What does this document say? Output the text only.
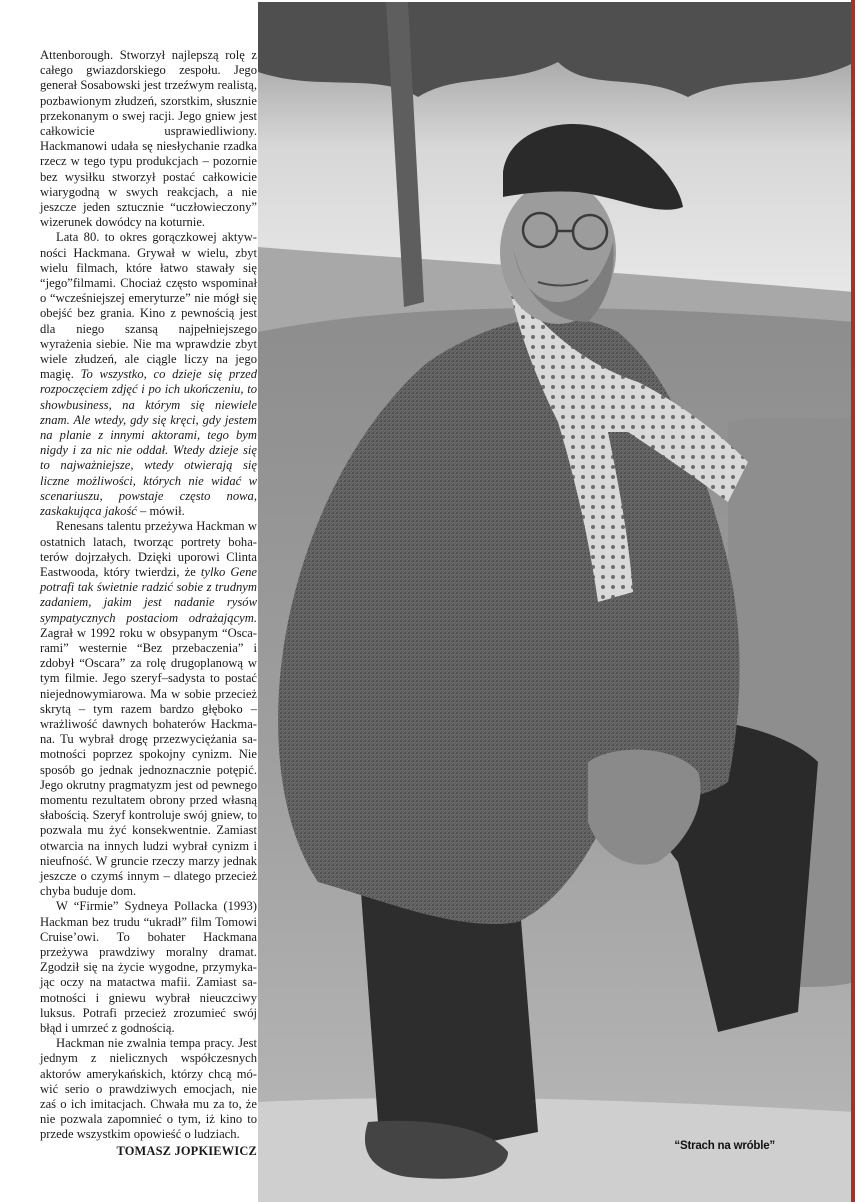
Attenborough. Stworzył najlepszą rolę z całego gwiazdorskiego zespołu. Jego generał Sosabowski jest trzeźwym realistą, pozbawionym złudzeń, szorstkim, słusznie przekonanym o swej racji. Jego gniew jest całkowicie usprawiedliwiony. Hackmanowi udała sę niesłychanie rzadka rzecz w tego typu produkcjach – pozornie bez wysiłku stworzył postać całkowicie wiarygodną w swych reakcjach, a nie jeszcze jeden sztucznie “uczłowieczony” wizerunek dowódcy na koturnie.

Lata 80. to okres gorączkowej aktywności Hackmana. Grywał w wielu, zbyt wielu filmach, które łatwo stawały się “jego”filmami. Chociaż często wspominał o “wcześniejszej emeryturze” nie mógł się obejść bez grania. Kino z pewnością jest dla niego szansą najpełniejszego wyrażenia siebie. Nie ma wprawdzie zbyt wiele złudzeń, ale ciągle liczy na jego magię. To wszystko, co dzieje się przed rozpoczęciem zdjęć i po ich ukończeniu, to showbusiness, na którym się niewiele znam. Ale wtedy, gdy się kręci, gdy jestem na planie z innymi aktorami, tego bym nigdy i za nic nie oddał. Wtedy dzieje się to najważniejsze, wtedy otwierają się liczne możliwości, których nie widać w scenariuszu, powstaje często nowa, zaskakująca jakość – mówił.

Renesans talentu przeżywa Hackman w ostatnich latach, tworząc portrety bohaterów dojrzałych. Dzięki uporowi Clinta Eastwooda, który twierdzi, że tylko Gene potrafi tak świetnie radzić sobie z trudnym zadaniem, jakim jest nadanie rysów sympatycznych postaciom odrażającym. Zagrał w 1992 roku w obsypanym “Oscarami” westernie “Bez przebaczenia” i zdobył “Oscara” za rolę drugoplanową w tym filmie. Jego szeryf–sadysta to postać niejednowymiarowa. Ma w sobie przecież skrytą – tym razem bardzo głęboko – wrażliwość dawnych bohaterów Hackmana. Tu wybrał drogę przezwyciężania samotności poprzez spokojny cynizm. Nie sposób go jednak jednoznacznie potępić. Jego okrutny pragmatyzm jest od pewnego momentu rezultatem obrony przed własną słabością. Szeryf kontroluje swój gniew, to pozwala mu żyć konsekwentnie. Zamiast otwarcia na innych ludzi wybrał cynizm i nieufność. W gruncie rzeczy marzy jednak jeszcze o czymś innym – dlatego przecież chyba buduje dom.

W “Firmie” Sydneya Pollacka (1993) Hackman bez trudu “ukradł” film Tomowi Cruise’owi. To bohater Hackmana przeżywa prawdziwy moralny dramat. Zgodził się na życie wygodne, przymykając oczy na matactwa mafii. Zamiast samotności i gniewu wybrał nieuczciwy luksus. Potrafi przecież zrozumieć swój błąd i umrzeć z godnością.

Hackman nie zwalnia tempa pracy. Jest jednym z nielicznych współczesnych aktorów amerykańskich, którzy chcą mówić serio o prawdziwych emocjach, nie zaś o ich imitacjach. Chwała mu za to, że nie pozwala zapomnieć o tym, iż kino to przede wszystkim opowieść o ludziach.

TOMASZ JOPKIEWICZ	“Strach na wróble”
